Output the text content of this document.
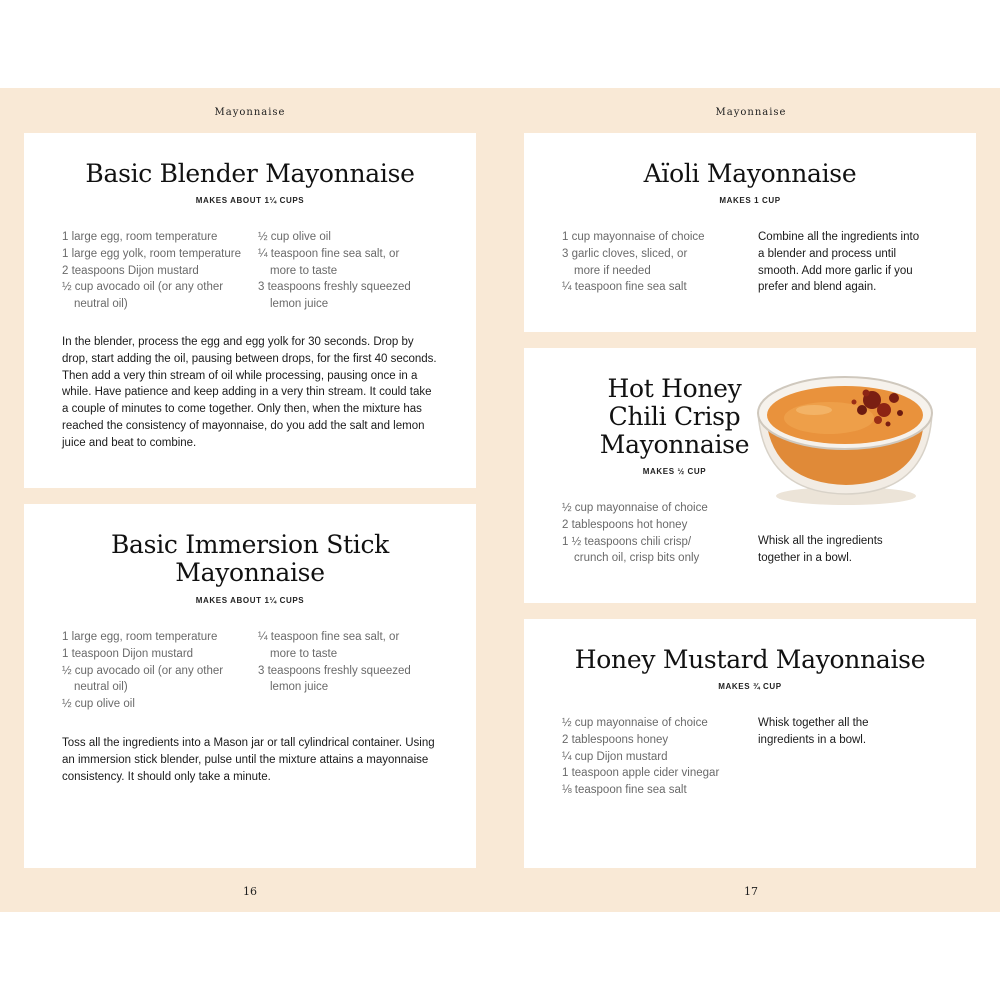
Mayonnaise
Basic Blender Mayonnaise
MAKES ABOUT 1¼ CUPS
1 large egg, room temperature
1 large egg yolk, room temperature
2 teaspoons Dijon mustard
½ cup avocado oil (or any other neutral oil)
½ cup olive oil
¼ teaspoon fine sea salt, or more to taste
3 teaspoons freshly squeezed lemon juice

In the blender, process the egg and egg yolk for 30 seconds. Drop by drop, start adding the oil, pausing between drops, for the first 40 seconds. Then add a very thin stream of oil while processing, pausing once in a while. Have patience and keep adding in a very thin stream. It could take a couple of minutes to come together. Only then, when the mixture has reached the consistency of mayonnaise, do you add the salt and lemon juice and beat to combine.

Basic Immersion Stick
Mayonnaise
MAKES ABOUT 1¼ CUPS
1 large egg, room temperature
1 teaspoon Dijon mustard
½ cup avocado oil (or any other neutral oil)
½ cup olive oil
¼ teaspoon fine sea salt, or more to taste
3 teaspoons freshly squeezed lemon juice

Toss all the ingredients into a Mason jar or tall cylindrical container. Using an immersion stick blender, pulse until the mixture attains a mayonnaise consistency. It should only take a minute.

16
Mayonnaise
Aïoli Mayonnaise
MAKES 1 CUP
1 cup mayonnaise of choice
3 garlic cloves, sliced, or more if needed
¼ teaspoon fine sea salt

Combine all the ingredients into a blender and process until smooth. Add more garlic if you prefer and blend again.

Hot Honey
Chili Crisp
Mayonnaise
MAKES ½ CUP
½ cup mayonnaise of choice
2 tablespoons hot honey
1 ½ teaspoons chili crisp/ crunch oil, crisp bits only

Whisk all the ingredients together in a bowl.

Honey Mustard Mayonnaise
MAKES ¾ CUP
½ cup mayonnaise of choice
2 tablespoons honey
¼ cup Dijon mustard
1 teaspoon apple cider vinegar
⅛ teaspoon fine sea salt

Whisk together all the ingredients in a bowl.

17
